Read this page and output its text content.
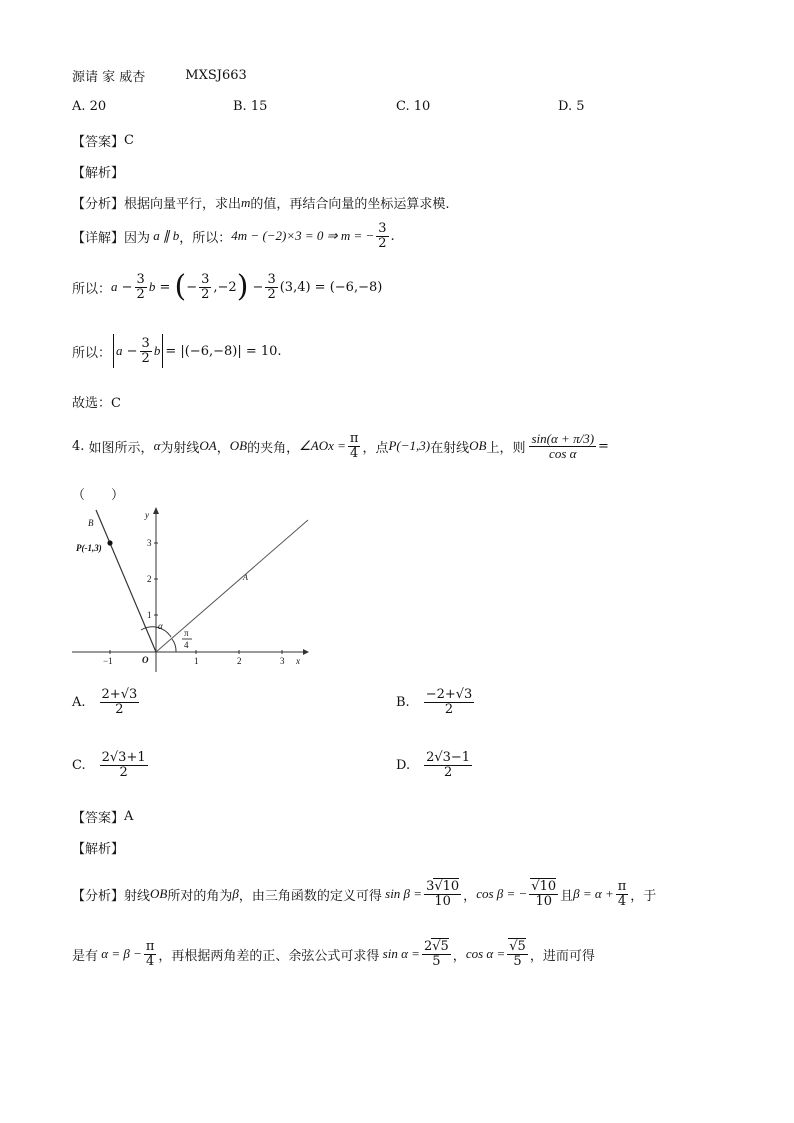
源请 家 威杏	MXSJ663
A. 20	B. 15	C. 10	D. 5
【答案】 C
【解析】
【分析】 根据向量平行，求出 m 的值，再结合向量的坐标运算求模.
【详解】 因为 a ∥ b ，所以： 4m − (−2)×3 = 0 ⇒ m = − $\frac{3}{2}$ .
所以： $a - \frac{3}{2}$ b = ( − $\frac{3}{2} ,-2$ ) − $\frac{3}{2} (3,4) = (-6,-8)$
所以： $a - \frac{3}{2}$ b = |(−6,−8)| = 10 .
故选：C
4.
如图所示， α 为射线 OA ， OB 的夹角， ∠AOx = $\frac{\pi}{4}$ ，点 P(−1,3) 在射线 OB 上，则 $\frac{\sin(\alpha + \pi/3)}{\text{cos α}}$ =
（　　）
B
P(-1,3)
A
y
x
O
α
π
4
−1	1	2	3
1
2
3
A. $\frac{2+√3}{2}$	B. $\frac{-2+√3}{2}$
C. $\frac{2√3+1}{2}$	D. $\frac{2√3-1}{2}$
【答案】 A
【解析】
【分析】 射线 OB 所对的角为 β ，由三角函数的定义可得 $\sin \beta = \frac{3√10}{10}$ ， cos β = − $\frac{√10}{10}$ 且 $\beta = \alpha + \frac{\pi}{4}$ ，于
是有 $\alpha = \beta - \frac{\pi}{4}$ ，再根据两角差的正、余弦公式可求得 $\sin \alpha = \frac{2√5}{5}$ ， $\cos \alpha = \frac{√5}{5}$ ，进而可得
